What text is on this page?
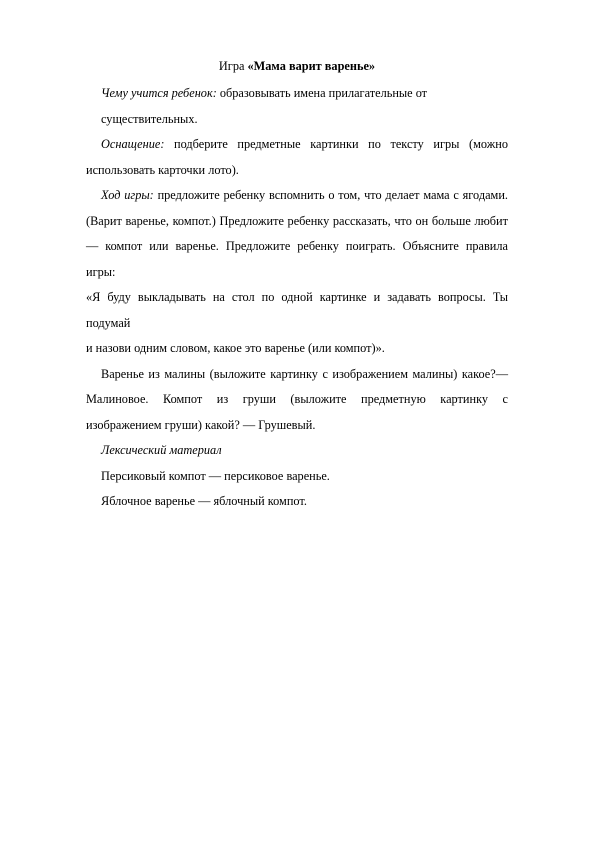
Игра «Мама варит варенье»

Чему учится ребенок: образовывать имена прилагательные от
существительных.
Оснащение: подберите предметные картинки по тексту игры (можно
использовать карточки лото).
Ход игры: предложите ребенку вспомнить о том, что делает мама с ягодами.
(Варит варенье, компот.) Предложите ребенку рассказать, что он больше любит
— компот или варенье. Предложите ребенку поиграть. Объясните правила игры:
«Я буду выкладывать на стол по одной картинке и задавать вопросы. Ты подумай
и назови одним словом, какое это варенье (или компот)».
Варенье из малины (выложите картинку с изображением малины) какое?—
Малиновое. Компот из груши (выложите предметную картинку с
изображением груши) какой? — Грушевый.
Лексический материал
Персиковый компот — персиковое варенье.
Яблочное варенье — яблочный компот.
